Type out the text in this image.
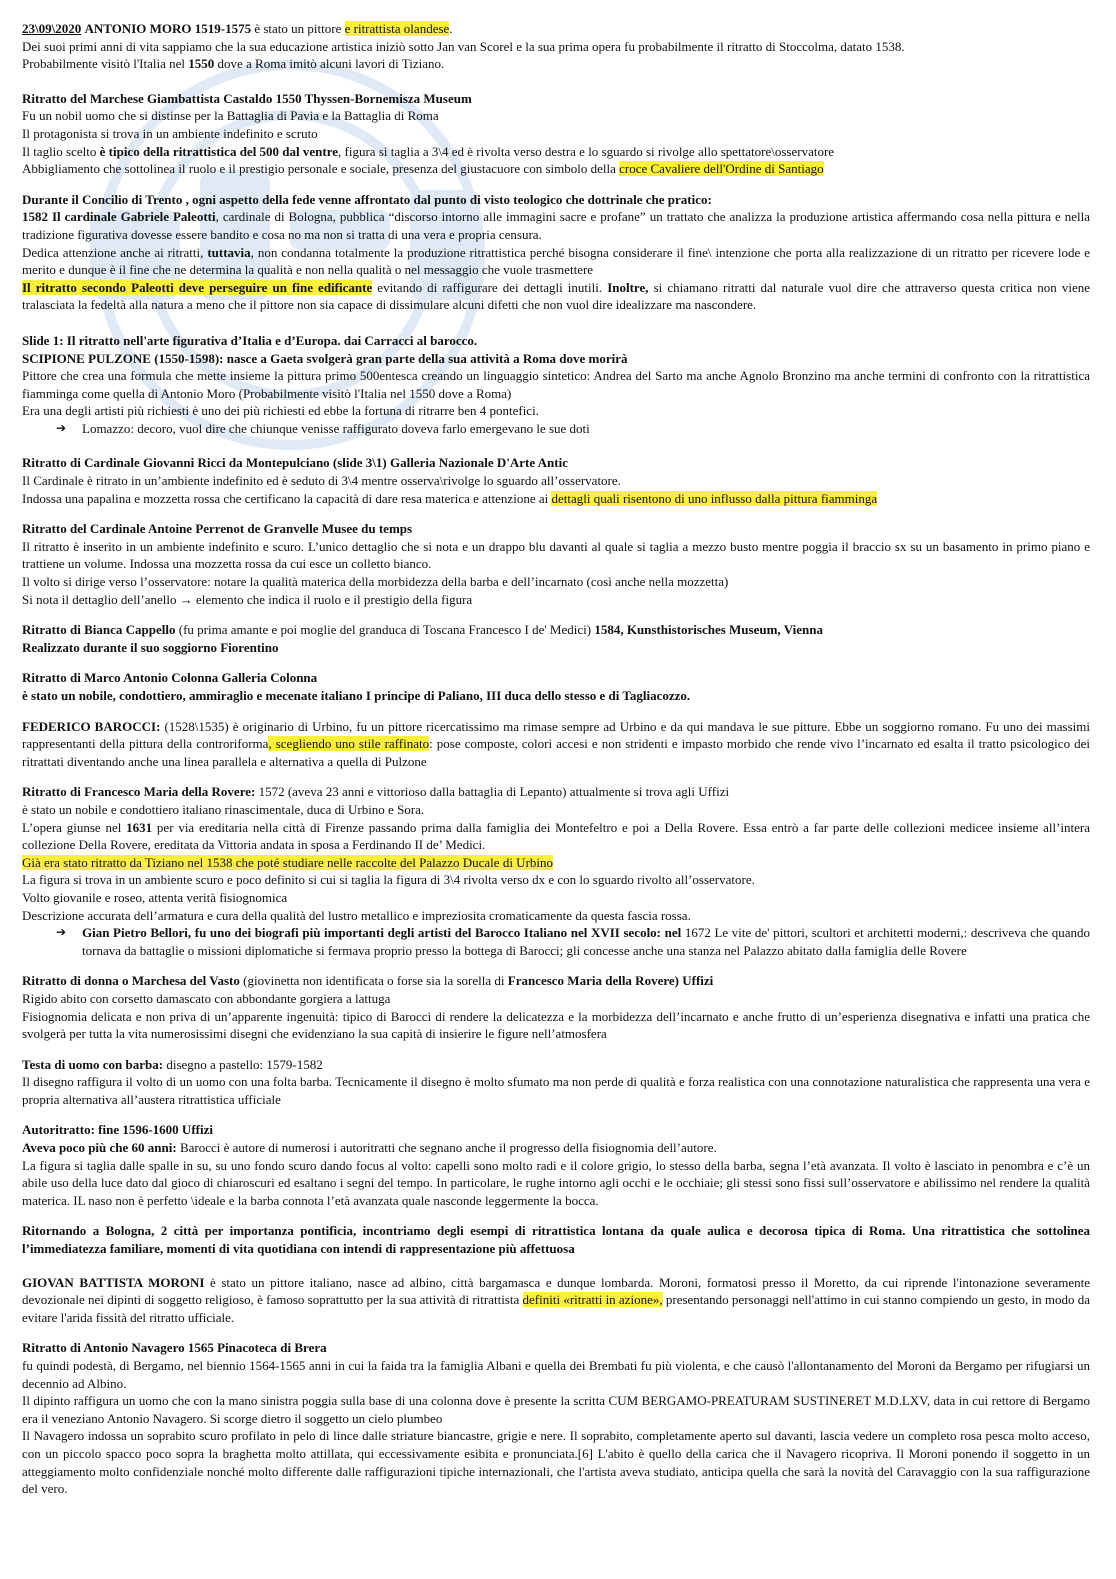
23\09\2020 ANTONIO MORO 1519-1575 è stato un pittore e ritrattista olandese.

Dei suoi primi anni di vita sappiamo che la sua educazione artistica iniziò sotto Jan van Scorel e la sua prima opera fu probabilmente il ritratto di Stoccolma, datato 1538.

Probabilmente visitò l'Italia nel 1550 dove a Roma imitò alcuni lavori di Tiziano.

Ritratto del Marchese Giambattista Castaldo 1550 Thyssen-Bornemisza Museum

Fu un nobil uomo che si distinse per la Battaglia di Pavia e la Battaglia di Roma

Il protagonista si trova in un ambiente indefinito e scruto

Il taglio scelto è tipico della ritrattistica del 500 dal ventre, figura si taglia a 3\4 ed è rivolta verso destra e lo sguardo si rivolge allo spettatore\osservatore

Abbigliamento che sottolinea il ruolo e il prestigio personale e sociale, presenza del giustacuore con simbolo della croce Cavaliere dell'Ordine di Santiago

Durante il Concilio di Trento , ogni aspetto della fede venne affrontato dal punto di visto teologico che dottrinale che pratico:

1582 Il cardinale Gabriele Paleotti, cardinale di Bologna, pubblica “discorso intorno alle immagini sacre e profane” un trattato che analizza la produzione artistica affermando cosa nella pittura e nella tradizione figurativa dovesse essere bandito e cosa no ma non si tratta di una vera e propria censura.

Dedica attenzione anche ai ritratti, tuttavia, non condanna totalmente la produzione ritrattistica perché bisogna considerare il fine\ intenzione che porta alla realizzazione di un ritratto per ricevere lode e merito e dunque è il fine che ne determina la qualità e non nella qualità o nel messaggio che vuole trasmettere

Il ritratto secondo Paleotti deve perseguire un fine edificante evitando di raffigurare dei dettagli inutili. Inoltre, si chiamano ritratti dal naturale vuol dire che attraverso questa critica non viene tralasciata la fedeltà alla natura a meno che il pittore non sia capace di dissimulare alcuni difetti che non vuol dire idealizzare ma nascondere.

Slide 1: Il ritratto nell'arte figurativa d’Italia e d’Europa. dai Carracci al barocco.

SCIPIONE PULZONE (1550-1598): nasce a Gaeta svolgerà gran parte della sua attività a Roma dove morirà

Pittore che crea una formula che mette insieme la pittura primo 500entesca creando un linguaggio sintetico: Andrea del Sarto ma anche Agnolo Bronzino ma anche termini di confronto con la ritrattistica fiamminga come quella di Antonio Moro (Probabilmente visitò l'Italia nel 1550 dove a Roma)

Era una degli artisti più richiesti è uno dei più richiesti ed ebbe la fortuna di ritrarre ben 4 pontefici.

➔	Lomazzo: decoro, vuol dire che chiunque venisse raffigurato doveva farlo emergevano le sue doti

Ritratto di Cardinale Giovanni Ricci da Montepulciano (slide 3\1) Galleria Nazionale D'Arte Antic

Il Cardinale è ritrato in un’ambiente indefinito ed è seduto di 3\4 mentre osserva\rivolge lo sguardo all’osservatore.

Indossa una papalina e mozzetta rossa che certificano la capacità di dare resa materica e attenzione ai dettagli quali risentono di uno influsso dalla pittura fiamminga

Ritratto del Cardinale Antoine Perrenot de Granvelle Musee du temps

Il ritratto è inserito in un ambiente indefinito e scuro. L’unico dettaglio che si nota e un drappo blu davanti al quale si taglia a mezzo busto mentre poggia il braccio sx su un basamento in primo piano e trattiene un volume. Indossa una mozzetta rossa da cui esce un colletto bianco.

Il volto si dirige verso l’osservatore: notare la qualità materica della morbidezza della barba e dell’incarnato (così anche nella mozzetta)

Si nota il dettaglio dell’anello → elemento che indica il ruolo e il prestigio della figura

Ritratto di Bianca Cappello (fu prima amante e poi moglie del granduca di Toscana Francesco I de' Medici) 1584, Kunsthistorisches Museum, Vienna

Realizzato durante il suo soggiorno Fiorentino

Ritratto di Marco Antonio Colonna Galleria Colonna

è stato un nobile, condottiero, ammiraglio e mecenate italiano I principe di Paliano, III duca dello stesso e di Tagliacozzo.

FEDERICO BAROCCI: (1528\1535) è originario di Urbino, fu un pittore ricercatissimo ma rimase sempre ad Urbino e da qui mandava le sue pitture. Ebbe un soggiorno romano. Fu uno dei massimi rappresentanti della pittura della controriforma, scegliendo uno stile raffinato: pose composte, colori accesi e non stridenti e impasto morbido che rende vivo l’incarnato ed esalta il tratto psicologico dei ritrattati diventando anche una linea parallela e alternativa a quella di Pulzone

Ritratto di Francesco Maria della Rovere: 1572 (aveva 23 anni e vittorioso dalla battaglia di Lepanto) attualmente si trova agli Uffizi

è stato un nobile e condottiero italiano rinascimentale, duca di Urbino e Sora.

L’opera giunse nel 1631 per via ereditaria nella città di Firenze passando prima dalla famiglia dei Montefeltro e poi a Della Rovere. Essa entrò a far parte delle collezioni medicee insieme all’intera collezione Della Rovere, ereditata da Vittoria andata in sposa a Ferdinando II de’ Medici.

Già era stato ritratto da Tiziano nel 1538 che poté studiare nelle raccolte del Palazzo Ducale di Urbino

La figura si trova in un ambiente scuro e poco definito si cui si taglia la figura di 3\4 rivolta verso dx e con lo sguardo rivolto all’osservatore.

Volto giovanile e roseo, attenta verità fisiognomica

Descrizione accurata dell’armatura e cura della qualità del lustro metallico e impreziosita cromaticamente da questa fascia rossa.

➔	Gian Pietro Bellori, fu uno dei biografi più importanti degli artisti del Barocco Italiano nel XVII secolo: nel 1672 Le vite de' pittori, scultori et architetti moderni,: descriveva che quando tornava da battaglie o missioni diplomatiche si fermava proprio presso la bottega di Barocci; gli concesse anche una stanza nel Palazzo abitato dalla famiglia delle Rovere

Ritratto di donna o Marchesa del Vasto (giovinetta non identificata o forse sia la sorella di Francesco Maria della Rovere) Uffizi

Rigido abito con corsetto damascato con abbondante gorgiera a lattuga

Fisiognomia delicata e non priva di un’apparente ingenuità: tipico di Barocci di rendere la delicatezza e la morbidezza dell’incarnato e anche frutto di un’esperienza disegnativa e infatti una pratica che svolgerà per tutta la vita numerosissimi disegni che evidenziano la sua capità di insierire le figure nell’atmosfera

Testa di uomo con barba: disegno a pastello: 1579-1582

Il disegno raffigura il volto di un uomo con una folta barba. Tecnicamente il disegno è molto sfumato ma non perde di qualità e forza realistica con una connotazione naturalistica che rappresenta una vera e propria alternativa all’austera ritrattistica ufficiale

Autoritratto: fine 1596-1600 Uffizi

Aveva poco più che 60 anni: Barocci è autore di numerosi i autoritratti che segnano anche il progresso della fisiognomia dell’autore.

La figura si taglia dalle spalle in su, su uno fondo scuro dando focus al volto: capelli sono molto radi e il colore grigio, lo stesso della barba, segna l’età avanzata. Il volto è lasciato in penombra e c’è un abile uso della luce dato dal gioco di chiaroscuri ed esaltano i segni del tempo. In particolare, le rughe intorno agli occhi e le occhiaie; gli stessi sono fissi sull’osservatore e abilissimo nel rendere la qualità materica. IL naso non è perfetto \ideale e la barba connota l’età avanzata quale nasconde leggermente la bocca.

Ritornando a Bologna, 2 città per importanza pontificia, incontriamo degli esempi di ritrattistica lontana da quale aulica e decorosa tipica di Roma. Una ritrattistica che sottolinea l’immediatezza familiare, momenti di vita quotidiana con intendi di rappresentazione più affettuosa

GIOVAN BATTISTA MORONI è stato un pittore italiano, nasce ad albino, città bargamasca e dunque lombarda. Moroni, formatosi presso il Moretto, da cui riprende l'intonazione severamente devozionale nei dipinti di soggetto religioso, è famoso soprattutto per la sua attività di ritrattista definiti «ritratti in azione», presentando personaggi nell'attimo in cui stanno compiendo un gesto, in modo da evitare l'arida fissità del ritratto ufficiale.

Ritratto di Antonio Navagero 1565 Pinacoteca di Brera

fu quindi podestà, di Bergamo, nel biennio 1564-1565 anni in cui la faida tra la famiglia Albani e quella dei Brembati fu più violenta, e che causò l'allontanamento del Moroni da Bergamo per rifugiarsi un decennio ad Albino.

Il dipinto raffigura un uomo che con la mano sinistra poggia sulla base di una colonna dove è presente la scritta CUM BERGAMO-PREATURAM SUSTINERET M.D.LXV, data in cui rettore di Bergamo era il veneziano Antonio Navagero. Si scorge dietro il soggetto un cielo plumbeo

Il Navagero indossa un soprabito scuro profilato in pelo di lince dalle striature biancastre, grigie e nere. Il soprabito, completamente aperto sul davanti, lascia vedere un completo rosa pesca molto acceso, con un piccolo spacco poco sopra la braghetta molto attillata, qui eccessivamente esibita e pronunciata.[6] L'abito è quello della carica che il Navagero ricopriva. Il Moroni ponendo il soggetto in un atteggiamento molto confidenziale nonché molto differente dalle raffigurazioni tipiche internazionali, che l'artista aveva studiato, anticipa quella che sarà la novità del Caravaggio con la sua raffigurazione del vero.
